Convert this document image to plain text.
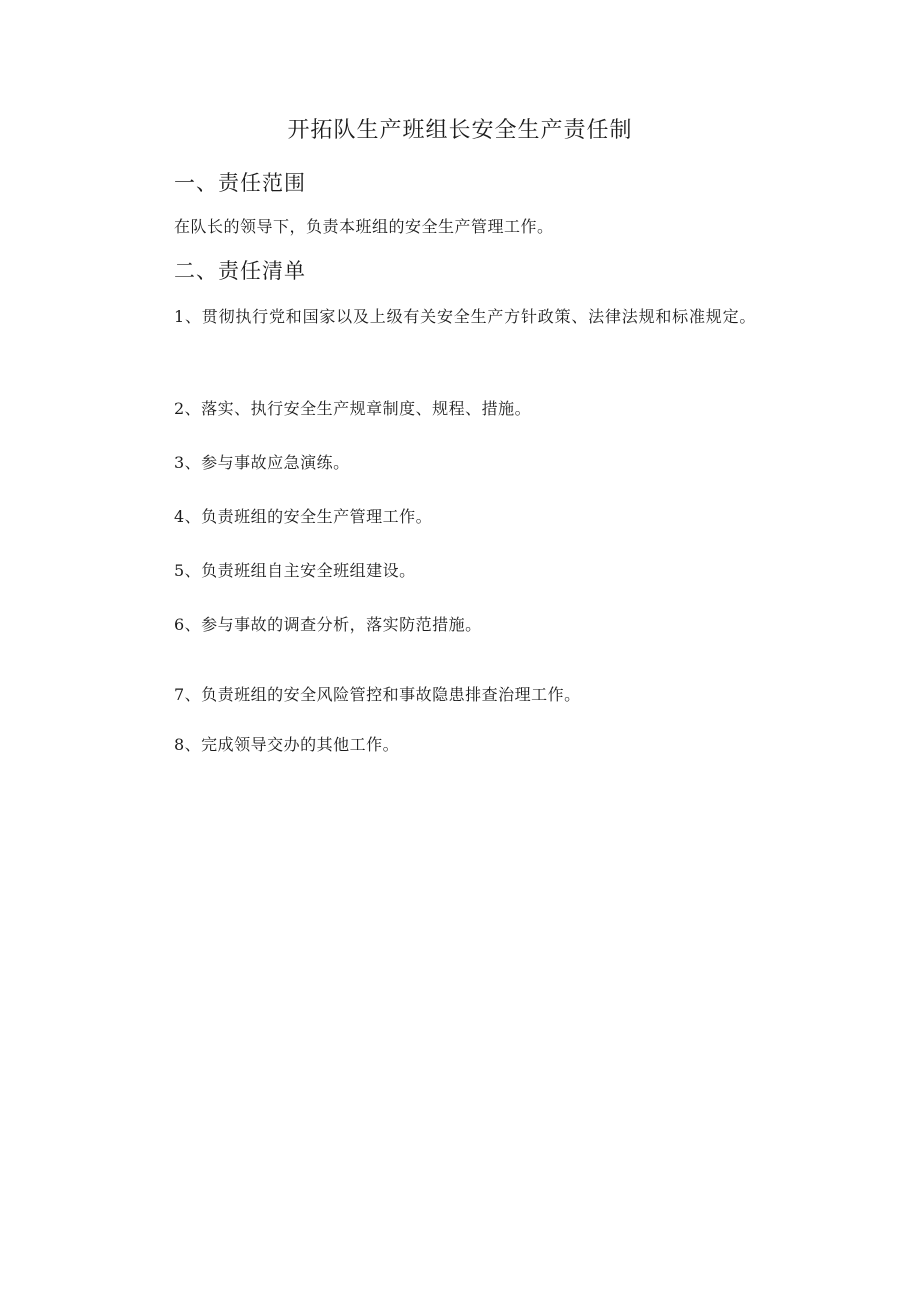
开拓队生产班组长安全生产责任制
一、责任范围
在队长的领导下，负责本班组的安全生产管理工作。
二、责任清单
1、贯彻执行党和国家以及上级有关安全生产方针政策、法律法规和标准规定。
2、落实、执行安全生产规章制度、规程、措施。
3、参与事故应急演练。
4、负责班组的安全生产管理工作。
5、负责班组自主安全班组建设。
6、参与事故的调查分析，落实防范措施。
7、负责班组的安全风险管控和事故隐患排查治理工作。
8、完成领导交办的其他工作。
